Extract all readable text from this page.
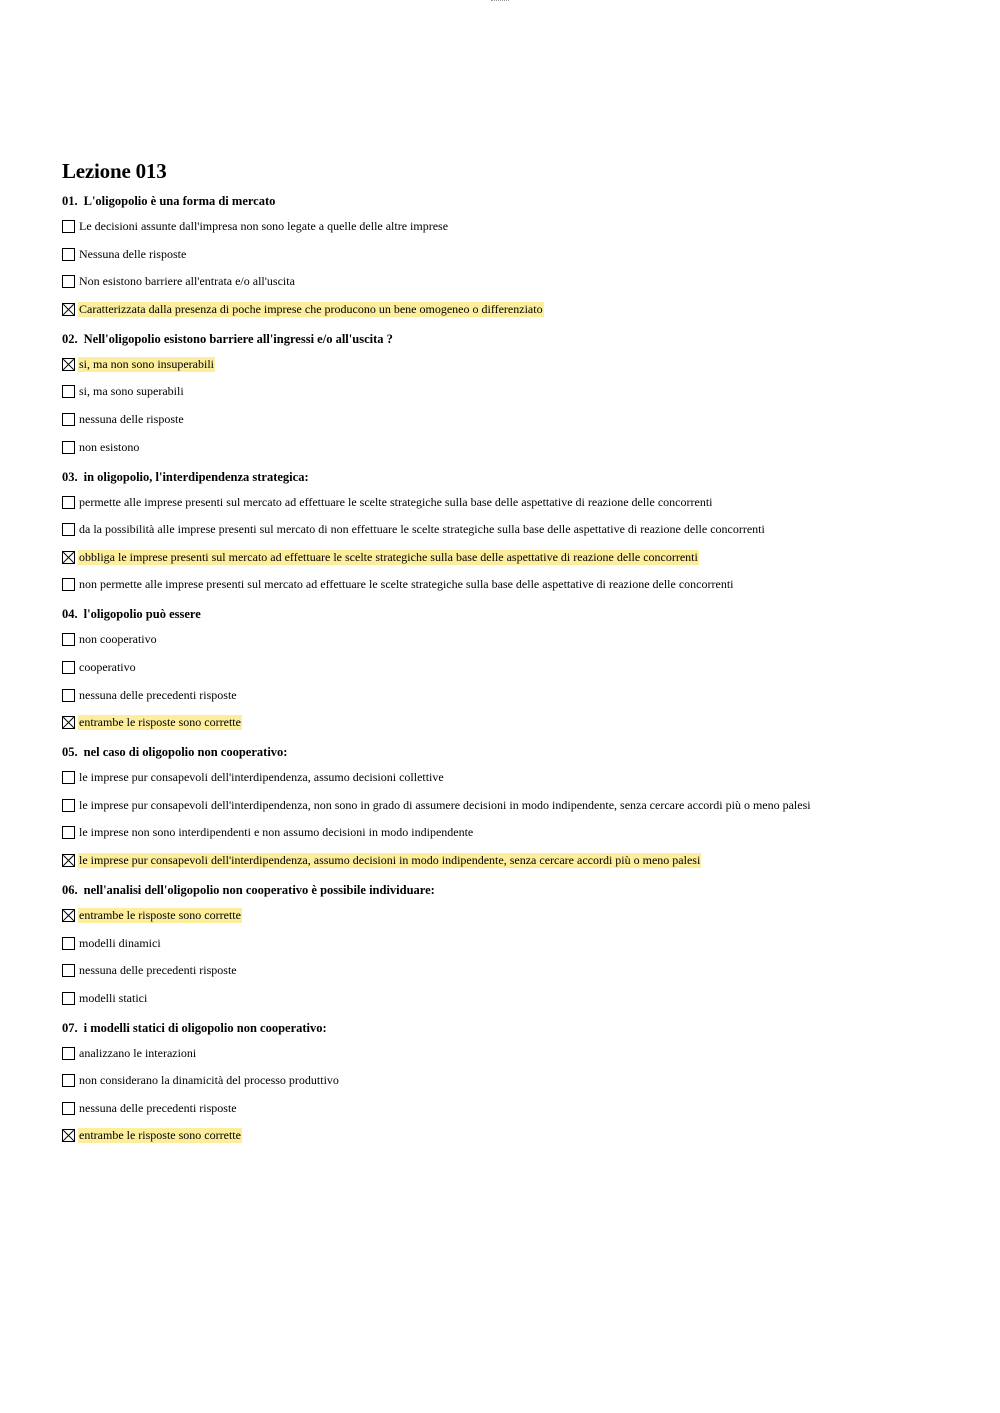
Lezione 013
01. L'oligopolio è una forma di mercato
Le decisioni assunte dall'impresa non sono legate a quelle delle altre imprese
Nessuna delle risposte
Non esistono barriere all'entrata e/o all'uscita
Caratterizzata dalla presenza di poche imprese che producono un bene omogeneo o differenziato
02. Nell'oligopolio esistono barriere all'ingressi e/o all'uscita ?
si, ma non sono insuperabili
si, ma sono superabili
nessuna delle risposte
non esistono
03. in oligopolio, l'interdipendenza strategica:
permette alle imprese presenti sul mercato ad effettuare le scelte strategiche sulla base delle aspettative di reazione delle concorrenti
da la possibilità alle imprese presenti sul mercato di non effettuare le scelte strategiche sulla base delle aspettative di reazione delle concorrenti
obbliga le imprese presenti sul mercato ad effettuare le scelte strategiche sulla base delle aspettative di reazione delle concorrenti
non permette alle imprese presenti sul mercato ad effettuare le scelte strategiche sulla base delle aspettative di reazione delle concorrenti
04. l'oligopolio può essere
non cooperativo
cooperativo
nessuna delle precedenti risposte
entrambe le risposte sono corrette
05. nel caso di oligopolio non cooperativo:
le imprese pur consapevoli dell'interdipendenza, assumo decisioni collettive
le imprese pur consapevoli dell'interdipendenza, non sono in grado di assumere decisioni in modo indipendente, senza cercare accordi più o meno palesi
le imprese non sono interdipendenti e non assumo decisioni in modo indipendente
le imprese pur consapevoli dell'interdipendenza, assumo decisioni in modo indipendente, senza cercare accordi più o meno palesi
06. nell'analisi dell'oligopolio non cooperativo è possibile individuare:
entrambe le risposte sono corrette
modelli dinamici
nessuna delle precedenti risposte
modelli statici
07. i modelli statici di oligopolio non cooperativo:
analizzano le interazioni
non considerano la dinamicità del processo produttivo
nessuna delle precedenti risposte
entrambe le risposte sono corrette
